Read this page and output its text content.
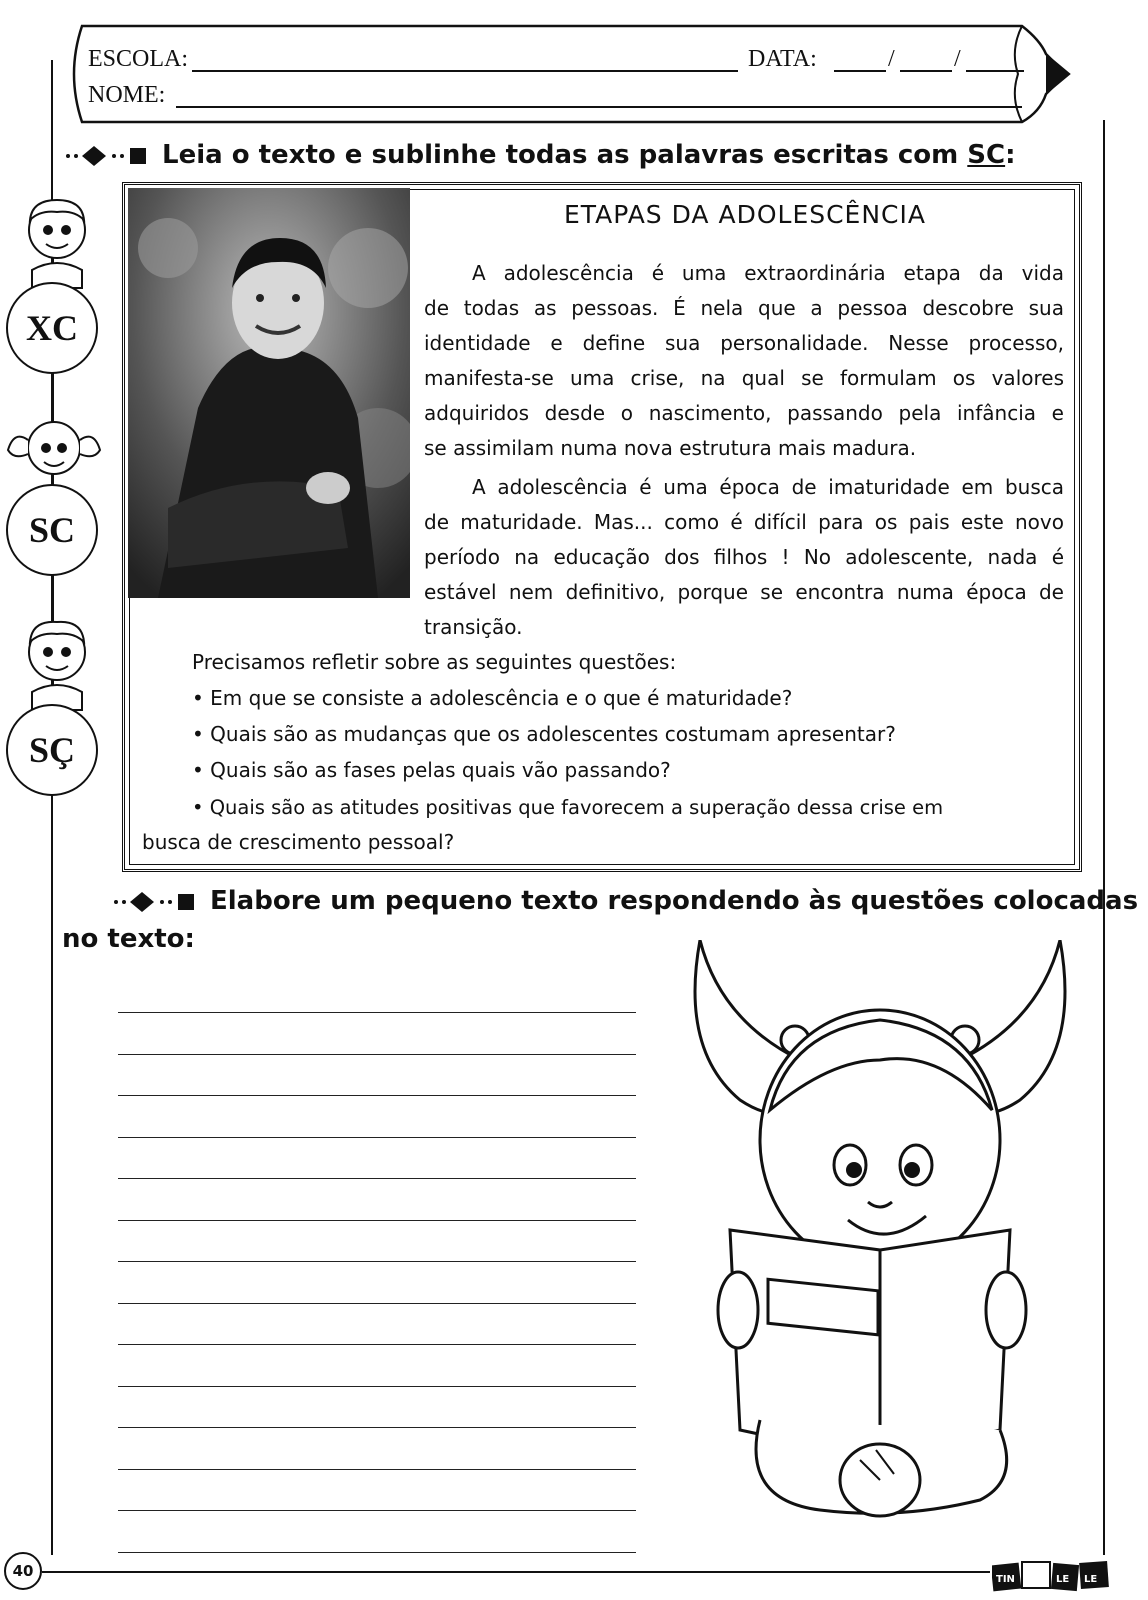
ESCOLA:	DATA:	/ /
NOME:
Leia o texto e sublinhe todas as palavras escritas com SC:
XC
SC
SÇ
ETAPAS DA ADOLESCÊNCIA
A adolescência é uma extraordinária etapa da vida
de todas as pessoas. É nela que a pessoa descobre sua
identidade e define sua personalidade. Nesse processo,
manifesta-se uma crise, na qual se formulam os valores
adquiridos desde o nascimento, passando pela infância e
se assimilam numa nova estrutura mais madura.
A adolescência é uma época de imaturidade em busca
de maturidade. Mas... como é difícil para os pais este novo
período na educação dos filhos ! No adolescente, nada é
estável nem definitivo, porque se encontra numa época de
transição.
Precisamos refletir sobre as seguintes questões:
• Em que se consiste a adolescência e o que é maturidade?
• Quais são as mudanças que os adolescentes costumam apresentar?
• Quais são as fases pelas quais vão passando?
• Quais são as atitudes positivas que favorecem a superação dessa crise em
busca de crescimento pessoal?
Elabore um pequeno texto respondendo às questões colocadas
no texto:
40	TIN	LE LE
